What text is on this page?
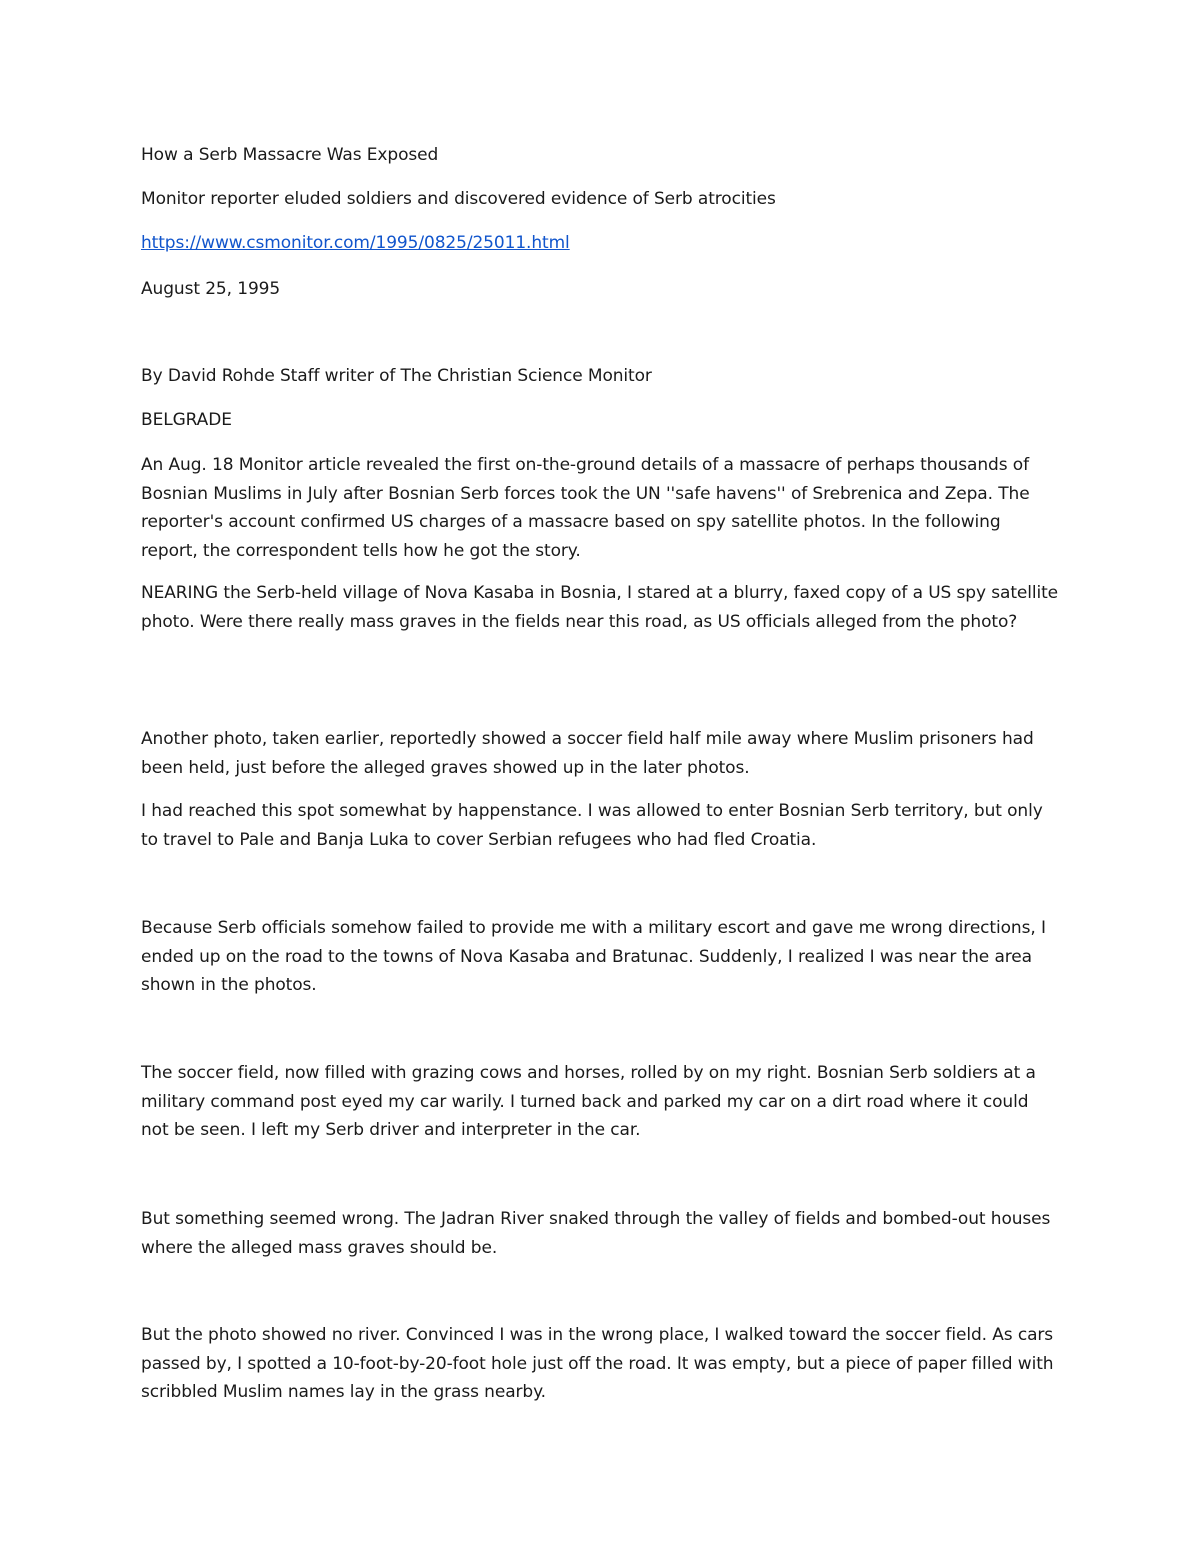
How a Serb Massacre Was Exposed
Monitor reporter eluded soldiers and discovered evidence of Serb atrocities
https://www.csmonitor.com/1995/0825/25011.html
August 25, 1995
By David Rohde Staff writer of The Christian Science Monitor
BELGRADE
An Aug. 18 Monitor article revealed the first on-the-ground details of a massacre of perhaps thousands of Bosnian Muslims in July after Bosnian Serb forces took the UN ''safe havens'' of Srebrenica and Zepa. The reporter's account confirmed US charges of a massacre based on spy satellite photos. In the following report, the correspondent tells how he got the story.
NEARING the Serb-held village of Nova Kasaba in Bosnia, I stared at a blurry, faxed copy of a US spy satellite photo. Were there really mass graves in the fields near this road, as US officials alleged from the photo?
Another photo, taken earlier, reportedly showed a soccer field half mile away where Muslim prisoners had been held, just before the alleged graves showed up in the later photos.
I had reached this spot somewhat by happenstance. I was allowed to enter Bosnian Serb territory, but only to travel to Pale and Banja Luka to cover Serbian refugees who had fled Croatia.
Because Serb officials somehow failed to provide me with a military escort and gave me wrong directions, I ended up on the road to the towns of Nova Kasaba and Bratunac. Suddenly, I realized I was near the area shown in the photos.
The soccer field, now filled with grazing cows and horses, rolled by on my right. Bosnian Serb soldiers at a military command post eyed my car warily. I turned back and parked my car on a dirt road where it could not be seen. I left my Serb driver and interpreter in the car.
But something seemed wrong. The Jadran River snaked through the valley of fields and bombed-out houses where the alleged mass graves should be.
But the photo showed no river. Convinced I was in the wrong place, I walked toward the soccer field. As cars passed by, I spotted a 10-foot-by-20-foot hole just off the road. It was empty, but a piece of paper filled with scribbled Muslim names lay in the grass nearby.
